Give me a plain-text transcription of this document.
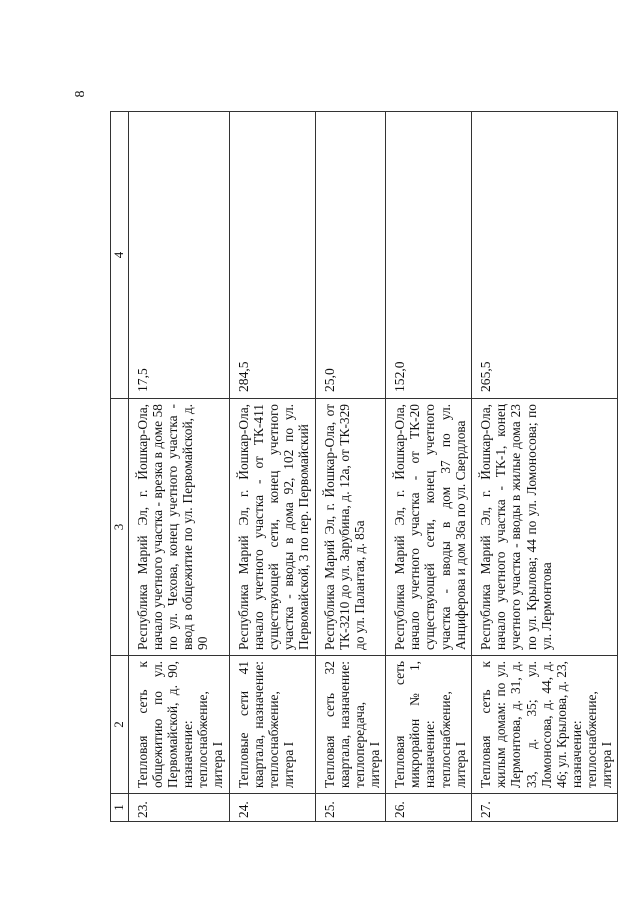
8
1	2	3	4
23.	Тепловая сеть к общежитию по ул. Первомайской, д. 90, назначение: теплоснабжение, литера I	Республика Марий Эл, г. Йошкар-Ола, начало учетного участка - врезка в доме 58 по ул. Чехова, конец учетного участка - ввод в общежитие по ул. Первомайской, д. 90	17,5
24.	Тепловые сети 41 квартала, назначение: теплоснабжение, литера I	Республика Марий Эл, г. Йошкар-Ола, начало учетного участка - от ТК-411 существующей сети, конец учетного участка - вводы в дома 92, 102 по ул. Первомайской, 3 по пер. Первомайский	284,5
25.	Тепловая сеть 32 квартала, назначение: теплопередача, литера I	Республика Марий Эл, г. Йошкар-Ола, от ТК-3210 до ул. Зарубина, д. 12а, от ТК-329 до ул. Палантая, д. 85а	25,0
26.	Тепловая сеть микрорайон № 1, назначение: теплоснабжение, литера I	Республика Марий Эл, г. Йошкар-Ола, начало учетного участка - от ТК-20 существующей сети, конец учетного участка - вводы в дом 37 по ул. Анциферова и дом 36а по ул. Свердлова	152,0
27.	Тепловая сеть к жилым домам: по ул. Лермонтова, д. 31, д. 33, д. 35; ул. Ломоносова, д. 44, д. 46; ул. Крылова, д. 23, назначение: теплоснабжение, литера I	Республика Марий Эл, г. Йошкар-Ола, начало учетного участка - ТК-1, конец учетного участка - вводы в жилые дома 23 по ул. Крылова; 44 по ул. Ломоносова; по ул. Лермонтова	265,5
